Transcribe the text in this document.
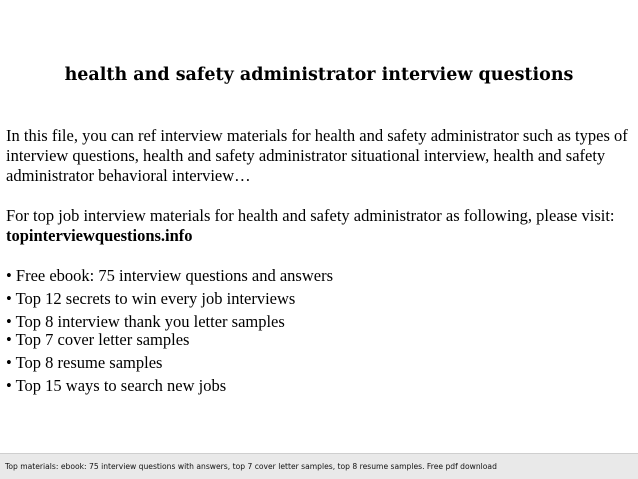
health and safety administrator interview questions

In this file, you can ref interview materials for health and safety administrator such as types of interview questions, health and safety administrator situational interview, health and safety administrator behavioral interview…

For top job interview materials for health and safety administrator as following, please visit: topinterviewquestions.info

• Free ebook: 75 interview questions and answers
• Top 12 secrets to win every job interviews
• Top 8 interview thank you letter samples
• Top 7 cover letter samples
• Top 8 resume samples
• Top 15 ways to search new jobs
Top materials: ebook: 75 interview questions with answers, top 7 cover letter samples, top 8 resume samples. Free pdf download
